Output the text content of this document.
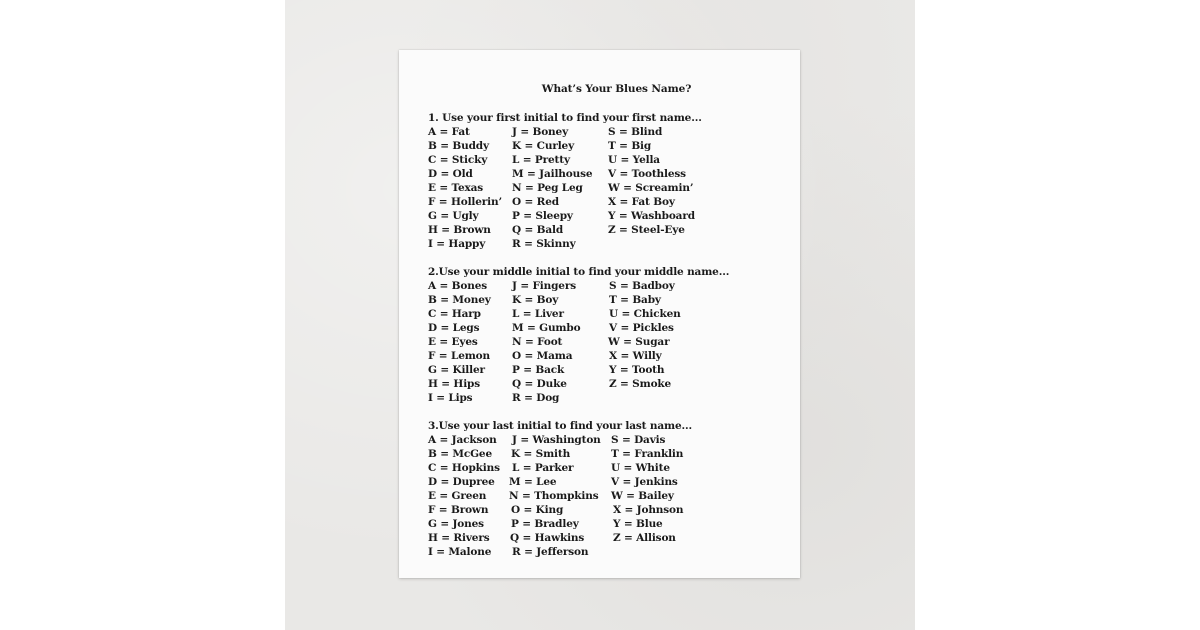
What’s Your Blues Name?
1. Use your first initial to find your first name...
A = Fat
B = Buddy
C = Sticky
D = Old
E = Texas
F = Hollerin’
G = Ugly
H = Brown
I = Happy
J = Boney
K = Curley
L = Pretty
M = Jailhouse
N = Peg Leg
O = Red
P = Sleepy
Q = Bald
R = Skinny
S = Blind
T = Big
U = Yella
V = Toothless
W = Screamin’
X = Fat Boy
Y = Washboard
Z = Steel-Eye
2.Use your middle initial to find your middle name...
A = Bones
B = Money
C = Harp
D = Legs
E = Eyes
F = Lemon
G = Killer
H = Hips
I = Lips
J = Fingers
K = Boy
L = Liver
M = Gumbo
N = Foot
O = Mama
P = Back
Q = Duke
R = Dog
S = Badboy
T = Baby
U = Chicken
V = Pickles
W = Sugar
X = Willy
Y = Tooth
Z = Smoke
3.Use your last initial to find your last name...
A = Jackson
B = McGee
C = Hopkins
D = Dupree
E = Green
F = Brown
G = Jones
H = Rivers
I = Malone
J = Washington
K = Smith
L = Parker
M = Lee
N = Thompkins
O = King
P = Bradley
Q = Hawkins
R = Jefferson
S = Davis
T = Franklin
U = White
V = Jenkins
W = Bailey
X = Johnson
Y = Blue
Z = Allison
